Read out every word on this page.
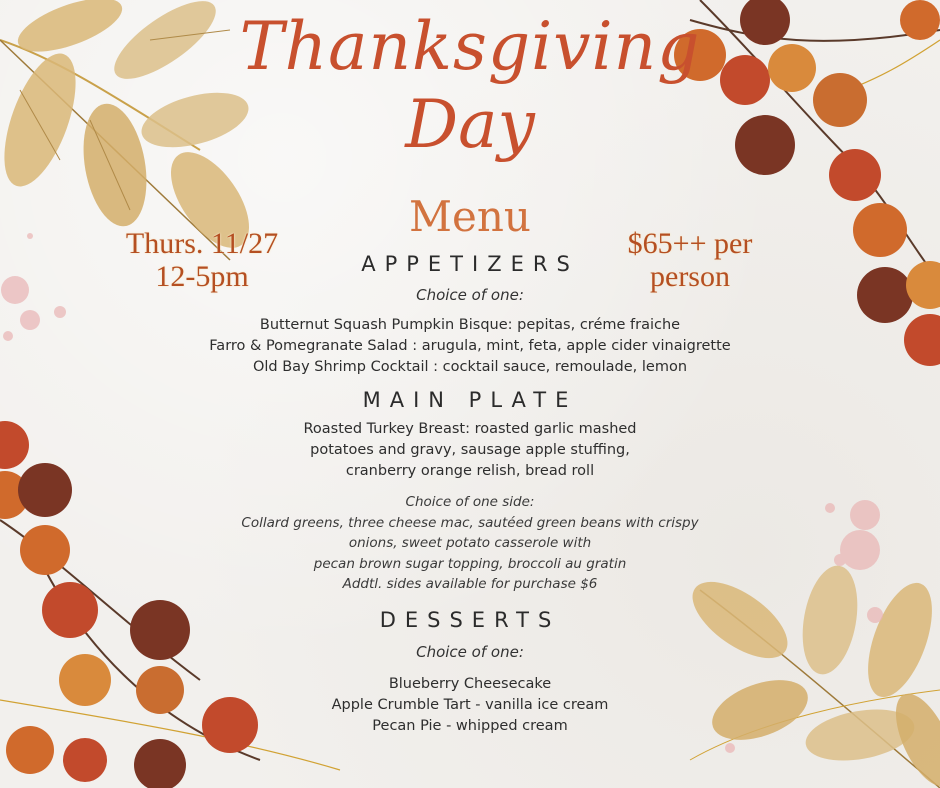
Thanksgiving
Day
Menu
Thurs. 11/27
12-5pm
$65++ per
person
APPETIZERS
Choice of one:
Butternut Squash Pumpkin Bisque: pepitas, créme fraiche
Farro & Pomegranate Salad : arugula, mint, feta, apple cider vinaigrette
Old Bay Shrimp Cocktail : cocktail sauce, remoulade, lemon
MAIN PLATE
Roasted Turkey Breast: roasted garlic mashed
potatoes and gravy, sausage apple stuffing,
cranberry orange relish, bread roll
Choice of one side:
Collard greens, three cheese mac, sautéed green beans with crispy
onions, sweet potato casserole with
pecan brown sugar topping, broccoli au gratin
Addtl. sides available for purchase $6
DESSERTS
Choice of one:
Blueberry Cheesecake
Apple Crumble Tart - vanilla ice cream
Pecan Pie - whipped cream
